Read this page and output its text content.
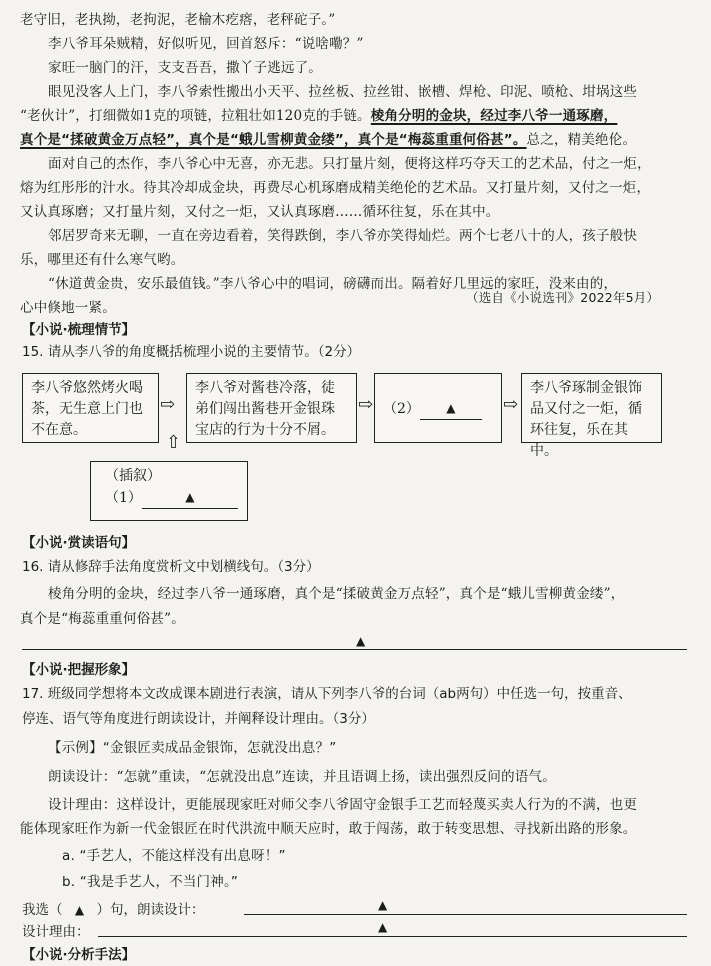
老守旧，老执拗，老拘泥，老榆木疙瘩，老秤砣子。”
李八爷耳朵贼精，好似听见，回首怒斥：“说啥嘞？”
家旺一脑门的汗，支支吾吾，撒丫子逃远了。
眼见没客人上门，李八爷索性搬出小天平、拉丝板、拉丝钳、嵌槽、焊枪、印泥、喷枪、坩埚这些
“老伙计”，打细微如1克的项链，拉粗壮如120克的手链。棱角分明的金块，经过李八爷一通琢磨，
真个是“揉破黄金万点轻”，真个是“蛾儿雪柳黄金缕”，真个是“梅蕊重重何俗甚”。总之，精美绝伦。
面对自己的杰作，李八爷心中无喜，亦无悲。只打量片刻，便将这样巧夺天工的艺术品，付之一炬，
熔为红彤彤的汁水。待其冷却成金块，再费尽心机琢磨成精美绝伦的艺术品。又打量片刻，又付之一炬，
又认真琢磨；又打量片刻，又付之一炬，又认真琢磨……循环往复，乐在其中。
邻居罗奇来无聊，一直在旁边看着，笑得跌倒，李八爷亦笑得灿烂。两个七老八十的人，孩子般快
乐，哪里还有什么寒气哟。
“休道黄金贵，安乐最值钱。”李八爷心中的唱词，磅礴而出。隔着好几里远的家旺，没来由的，
心中倏地一紧。
（选自《小说选刊》2022年5月）
【小说·梳理情节】
15. 请从李八爷的角度概括梳理小说的主要情节。（2分）
李八爷悠然烤火喝茶，无生意上门也不在意。
⇨
李八爷对酱巷冷落，徒弟们闯出酱巷开金银珠宝店的行为十分不屑。
⇨ （2） ▲	⇨
李八爷琢制金银饰品又付之一炬，循环往复，乐在其中。
⇧
（插叙）
（1）	▲
【小说·赏读语句】
16. 请从修辞手法角度赏析文中划横线句。（3分）
棱角分明的金块，经过李八爷一通琢磨，真个是“揉破黄金万点轻”，真个是“蛾儿雪柳黄金缕”，
真个是“梅蕊重重何俗甚”。
▲
【小说·把握形象】
17. 班级同学想将本文改成课本剧进行表演，请从下列李八爷的台词（ab两句）中任选一句，按重音、
停连、语气等角度进行朗读设计，并阐释设计理由。（3分）
【示例】“金银匠卖成品金银饰，怎就没出息？”
朗读设计：“怎就”重读，“怎就没出息”连读，并且语调上扬，读出强烈反问的语气。
设计理由：这样设计，更能展现家旺对师父李八爷固守金银手工艺而轻蔑买卖人行为的不满，也更
能体现家旺作为新一代金银匠在时代洪流中顺天应时，敢于闯荡，敢于转变思想、寻找新出路的形象。
a. “手艺人，不能这样没有出息呀！”
b. “我是手艺人，不当门神。”
我选（ ▲ ）句，朗读设计：	▲
设计理由：	▲
【小说·分析手法】
